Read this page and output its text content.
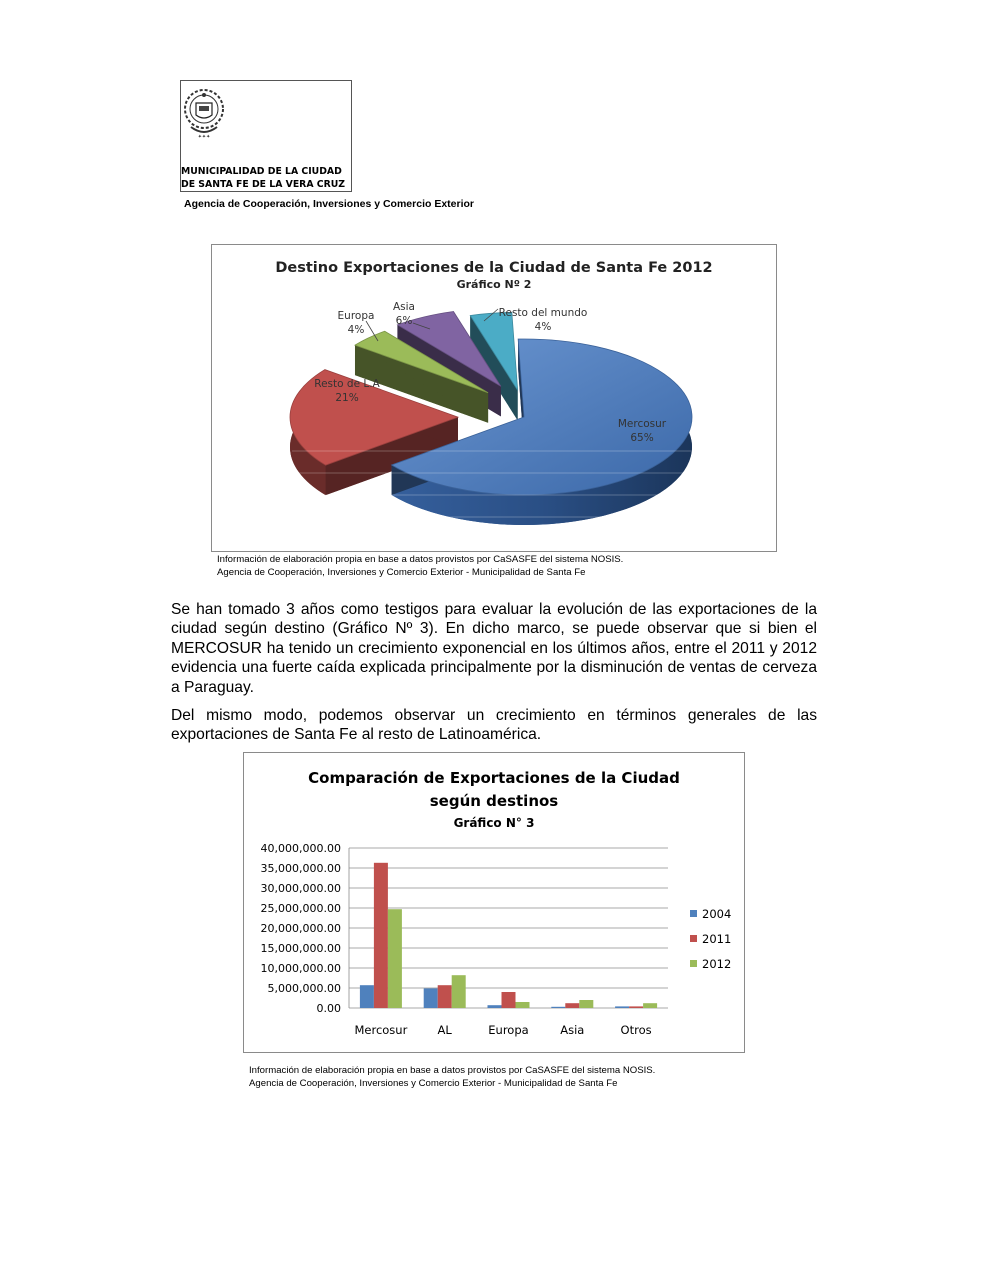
✦✦✦
MUNICIPALIDAD DE LA CIUDAD
DE SANTA FE DE LA VERA CRUZ
Agencia de Cooperación, Inversiones y Comercio Exterior
Destino Exportaciones de la Ciudad de Santa Fe 2012
Gráfico Nº 2
Mercosur
65%
Resto de L.A
21%
Europa
4%
Asia
6%
Resto del mundo
4%
Información de elaboración propia en base a datos provistos por CaSASFE del sistema NOSIS.
Agencia de Cooperación, Inversiones y Comercio Exterior - Municipalidad de Santa Fe
Se han tomado 3 años como testigos para evaluar la evolución de las exportaciones de la ciudad según destino (Gráfico Nº 3). En dicho marco, se puede observar que si bien el MERCOSUR ha tenido un crecimiento exponencial en los últimos años, entre el 2011 y 2012 evidencia una fuerte caída explicada principalmente por la disminución de ventas de cerveza a Paraguay.
Del mismo modo, podemos observar un crecimiento en términos generales de las exportaciones de Santa Fe al resto de Latinoamérica.
Comparación de Exportaciones de la Ciudad
según destinos
Gráfico N° 3
0.00
5,000,000.00
10,000,000.00
15,000,000.00
20,000,000.00
25,000,000.00
30,000,000.00
35,000,000.00
40,000,000.00
Mercosur	AL	Europa	Asia	Otros
2004
2011
2012
Información de elaboración propia en base a datos provistos por CaSASFE del sistema NOSIS.
Agencia de Cooperación, Inversiones y Comercio Exterior - Municipalidad de Santa Fe
